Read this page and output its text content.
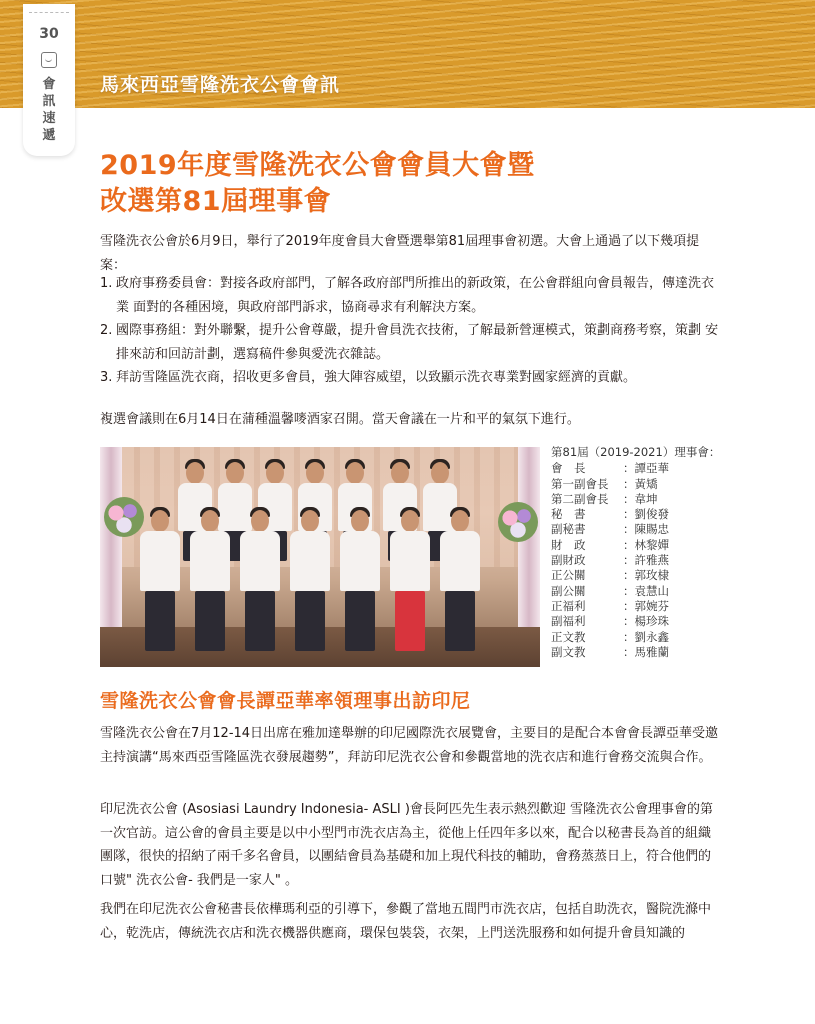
馬來西亞雪隆洗衣公會會訊
30
會訊速遞
2019年度雪隆洗衣公會會員大會暨
改選第81屆理事會
雪隆洗衣公會於6月9日，舉行了2019年度會員大會暨選舉第81屆理事會初選。大會上通過了以下幾項提案：
1. 政府事務委員會：對接各政府部門，了解各政府部門所推出的新政策，在公會群組向會員報告，傳達洗衣業 面對的各種困境，與政府部門訴求，協商尋求有利解決方案。
2. 國際事務組：對外聯繫，提升公會尊嚴，提升會員洗衣技術，了解最新營運模式，策劃商務考察，策劃 安排來訪和回訪計劃，選寫稿件參與愛洗衣雜誌。
3. 拜訪雪隆區洗衣商，招收更多會員，強大陣容威望，以致顯示洗衣專業對國家經濟的貢獻。
複選會議則在6月14日在蒲種溫馨嘜酒家召開。當天會議在一片和平的氣氛下進行。
第81屆（2019-2021）理事會：
會　長	：譚亞華
第一副會長	：黃矯
第二副會長	：韋坤
秘　書	：劉俊發
副秘書	：陳賜忠
財　政	：林黎嬋
副財政	：許雅燕
正公關	：郭玫棣
副公關	：袁慧山
正福利	：郭婉芬
副福利	：楊珍珠
正文教	：劉永鑫
副文教	：馬雅蘭
雪隆洗衣公會會長譚亞華率領理事出訪印尼
雪隆洗衣公會在7月12-14日出席在雅加達舉辦的印尼國際洗衣展覽會，主要目的是配合本會會長譚亞華受邀主持演講“馬來西亞雪隆區洗衣發展趨勢”，拜訪印尼洗衣公會和參觀當地的洗衣店和進行會務交流與合作。
印尼洗衣公會 (Asosiasi Laundry Indonesia- ASLI )會長阿匹先生表示熱烈歡迎 雪隆洗衣公會理事會的第一次官訪。這公會的會員主要是以中小型門市洗衣店為主，從他上任四年多以來，配合以秘書長為首的組織團隊，很快的招納了兩千多名會員，以團結會員為基礎和加上現代科技的輔助，會務蒸蒸日上，符合他們的口號" 洗衣公會- 我們是一家人" 。
我們在印尼洗衣公會秘書長依樺瑪利亞的引導下，參觀了當地五間門市洗衣店，包括自助洗衣，醫院洗滌中心，乾洗店，傳統洗衣店和洗衣機器供應商，環保包裝袋，衣架，上門送洗服務和如何提升會員知識的
